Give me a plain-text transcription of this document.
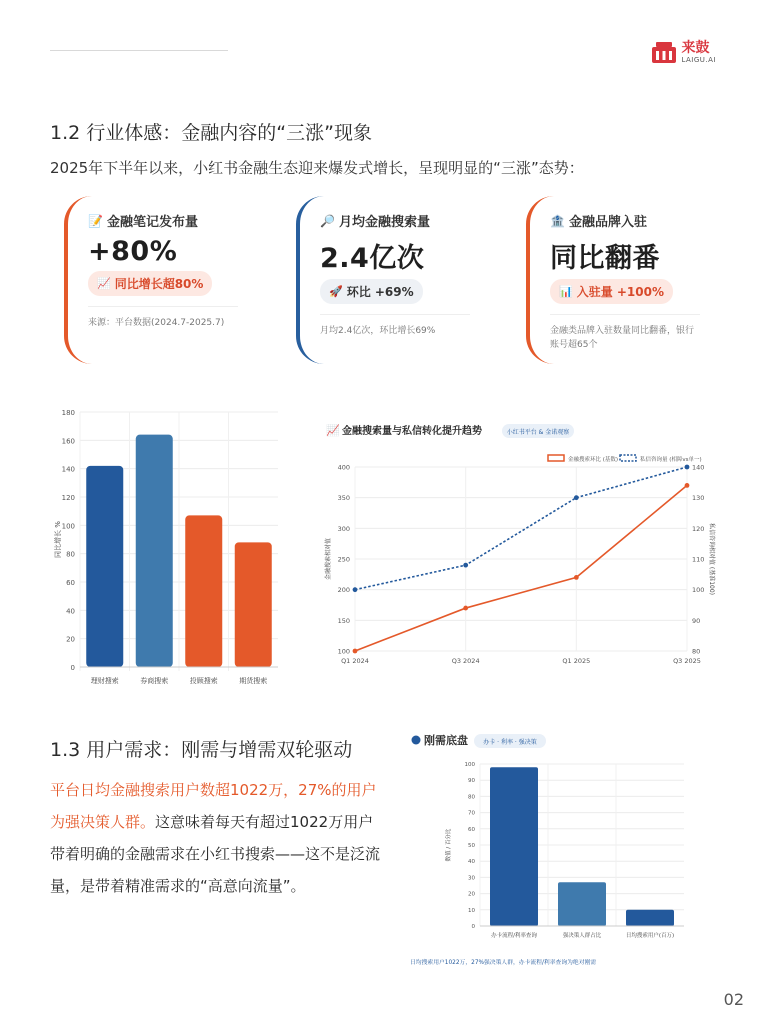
来鼓
LAIGU.AI
1.2 行业体感：金融内容的“三涨”现象

2025年下半年以来，小红书金融生态迎来爆发式增长，呈现明显的“三涨”态势：

📝 金融笔记发布量
+80%
📈 同比增长超80%
来源：平台数据(2024.7-2025.7)
🔎 月均金融搜索量
2.4亿次
🚀 环比 +69%
月均2.4亿次，环比增长69%
🏦 金融品牌入驻
同比翻番
📊 入驻量 +100%
金融类品牌入驻数量同比翻番，银行账号超65个
0
20
40
60
80
100
120
140
160
180
同比增长 %
理财搜索	券商搜索	投顾搜索	期货搜索
📈 金融搜索量与私信转化提升趋势	小红书平台 & 金诺观察
金融搜索环比 (基数)	私信咨询量 (相障vs单一)
100
150
200
250
300
350
400
80
90
100
110
120
130
140
Q1 2024	Q3 2024	Q1 2025	Q3 2025
金融搜索相对值	私信咨询相对值 (基准100)
1.3 用户需求：刚需与增需双轮驱动

平台日均金融搜索用户数超1022万，27%的用户为强决策人群。这意味着每天有超过1022万用户带着明确的金融需求在小红书搜索——这不是泛流量，是带着精准需求的“高意向流量”。

刚需底盘	办卡 · 利率 · 强决策
0
10
20
30
40
50
60
70
80
90
100
数值 / 百分比
办卡流程/利率查询	强决策人群占比	日均搜索用户(百万)
日均搜索用户1022万，27%强决策人群，办卡流程/利率查询为绝对刚需
02
